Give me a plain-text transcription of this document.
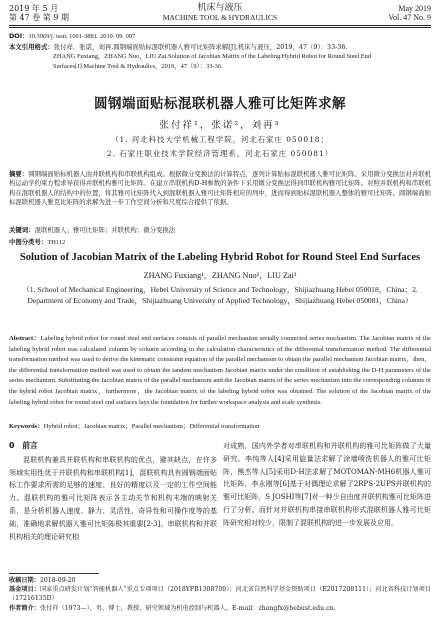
2019 年 5 月
第 47 卷 第 9 期
机床与液压
MACHINE TOOL & HYDRAULICS
May 2019
Vol. 47 No. 9
DOI：10.3969/j. issn. 1001-3881. 2019. 09. 007
本文引用格式：张付祥，张诺，刘再.圆钢端面贴标混联机器人雅可比矩阵求解[J].机床与液压，2019，47（9）：33-36.
ZHANG Fuxiang，ZHANG Nuo，LIU Zai.Solution of Jacobian Matrix of the Labeling Hybrid Robot for Round Steel End
Surfaces[J].Machine Tool & Hydraulics，2019，47（9）：33-36.
圆钢端面贴标混联机器人雅可比矩阵求解
张付祥¹，张诺²，刘再³
（1. 河北科技大学机械工程学院，河北石家庄 050018；
2. 石家庄职业技术学院经济管理系，河北石家庄 050081）
摘要：圆钢端面贴标机器人由并联机构和串联机构组成。根据微分变换法的计算特点，逐列计算贴标混联机器人雅可比矩阵。采用微分变换法对并联机构运动学约束方程求导获得并联机构雅可比矩阵。在建立串联机构D-H参数的条件下采用微分变换法得到串联机构雅可比矩阵。对照并联机构和串联机构在混联机器人的结构中的位置，将其雅可比矩阵代入到混联机器人雅可比矩阵相应的列中，进而得到贴标混联机器人整体的雅可比矩阵。圆钢端面贴标混联机器人雅克比矩阵的求解为进一步工作空间分析和尺度综合提供了依据。
关键词：混联机器人；雅可比矩阵；并联机构；微分变换法
中图分类号：TH112
Solution of Jacobian Matrix of the Labeling Hybrid Robot for Round Steel End Surfaces
ZHANG Fuxiang¹，ZHANG Nuo²，LIU Zai³
（1. School of Mechanical Engineering，Hebei University of Science and Technology，Shijiazhuang Hebei 050018，China；2. Department of Economy and Trade，Shijiazhuang University of Applied Technology，Shijiazhuang Hebei 050081，China）
Abstract：Labeling hybrid robot for round steel end surfaces consists of parallel mechanism serially connected series mechanism. The Jacobian matrix of the labeling hybrid robot was calculated column by column according to the calculation characteristics of the differential transformation method. The differential transformation method was used to derive the kinematic constraint equation of the parallel mechanism to obtain the parallel mechanism Jacobian matrix，then，the differential transformation method was used to obtain the tandem mechanism Jacobian matrix under the condition of establishing the D-H parameters of the series mechanism. Substituting the Jacobian matrix of the parallel mechanism and the Jacobian matrix of the series mechanism into the corresponding columns of the hybrid robot Jacobian matrix，furthermore，the Jacobian matrix of the labeling hybrid robot was obtained. The solution of the Jacobian matrix of the labeling hybrid robot for round steel end surfaces lays the foundation for further workspace analysis and scale synthesis.
Keywords：Hybrid robot；Jacobian matrix；Parallel mechanism；Differential transformation
0　前言

混联机构兼具并联机构和串联机构的优点，避其缺点，在许多领域实用性优于并联机构和串联机构[1]，混联机构具有圆钢端面贴标工作要求所需的足够的速度、良好的精度以及一定的工作空间能力。混联机构的雅可比矩阵表示各主动关节和机构末端的映射关系，是分析机器人速度、静力、灵活性、奇异性和可操作度等的基础，准确地求解机器人雅可比矩阵极其重要[2-3]。串联机构和并联机构相关的理论研究相

对成熟，国内外学者对串联机构和并联机构的雅可比矩阵做了大量研究。李纯等人[4]采用旋量法求解了涂墙喷洗机器人的雅可比矩阵，熊杰等人[5]采用D-H法求解了MOTOMAN-MH6机器人雅可比矩阵，李永刚等[6]基于对偶理论求解了2RPS-2UPS并联机构的雅可比矩阵，S JOSHI等[7]对一种少自由度并联机构雅可比矩阵进行了分析。而针对并联机构串接串联机构形式混联机器人雅可比矩阵研究相对较少，限制了混联机构的进一步发展及应用。

收稿日期：2018-09-20
基金项目：国家重点研发计划“智能机器人”重点专项项目（2018YFB1308700）；河北省自然科学基金资助项目（E2017208111）；河北省科技计划项目（17216135D）
作者简介：张付祥（1973—），男，博士，教授，研究领域为机电控制与机器人。E-mail：zhangfx@hebust.edu.cn。
